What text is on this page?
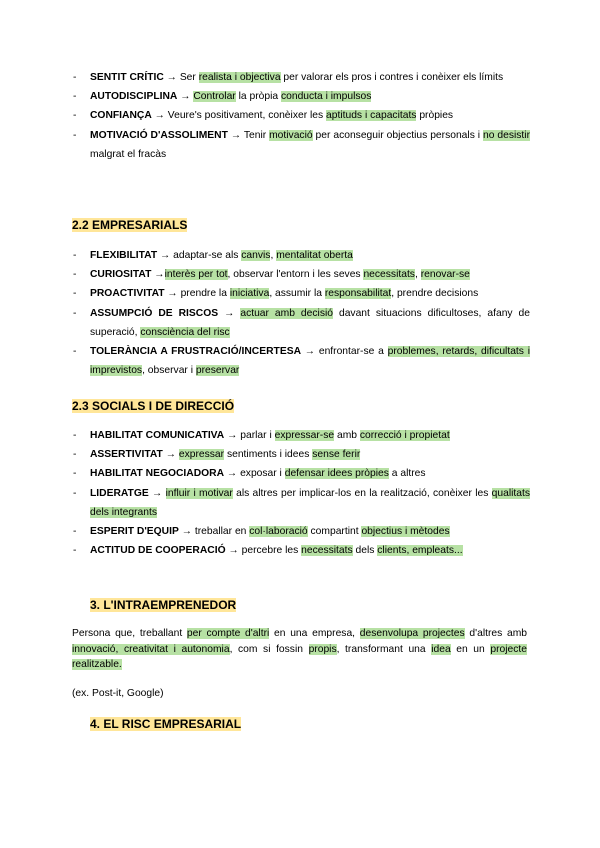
- SENTIT CRÍTIC → Ser realista i objectiva per valorar els pros i contres i conèixer els límits
- AUTODISCIPLINA → Controlar la pròpia conducta i impulsos
- CONFIANÇA → Veure's positivament, conèixer les aptituds i capacitats pròpies
- MOTIVACIÓ D'ASSOLIMENT → Tenir motivació per aconseguir objectius personals i no desistir malgrat el fracàs

2.2 EMPRESARIALS

- FLEXIBILITAT → adaptar-se als canvis, mentalitat oberta
- CURIOSITAT →interès per tot, observar l'entorn i les seves necessitats, renovar-se
- PROACTIVITAT → prendre la iniciativa, assumir la responsabilitat, prendre decisions
- ASSUMPCIÓ DE RISCOS → actuar amb decisió davant situacions dificultoses, afany de superació, consciència del risc
- TOLERÀNCIA A FRUSTRACIÓ/INCERTESA → enfrontar-se a problemes, retards, dificultats i imprevistos, observar i preservar

2.3 SOCIALS I DE DIRECCIÓ

- HABILITAT COMUNICATIVA → parlar i expressar-se amb correcció i propietat
- ASSERTIVITAT → expressar sentiments i idees sense ferir
- HABILITAT NEGOCIADORA → exposar i defensar idees pròpies a altres
- LIDERATGE → influir i motivar als altres per implicar-los en la realització, conèixer les qualitats dels integrants
- ESPERIT D'EQUIP → treballar en col·laboració compartint objectius i mètodes
- ACTITUD DE COOPERACIÓ → percebre les necessitats dels clients, empleats...

3. L'INTRAEMPRENEDOR

Persona que, treballant per compte d'altri en una empresa, desenvolupa projectes d'altres amb innovació, creativitat i autonomia, com si fossin propis, transformant una idea en un projecte realitzable.

(ex. Post-it, Google)

4. EL RISC EMPRESARIAL
